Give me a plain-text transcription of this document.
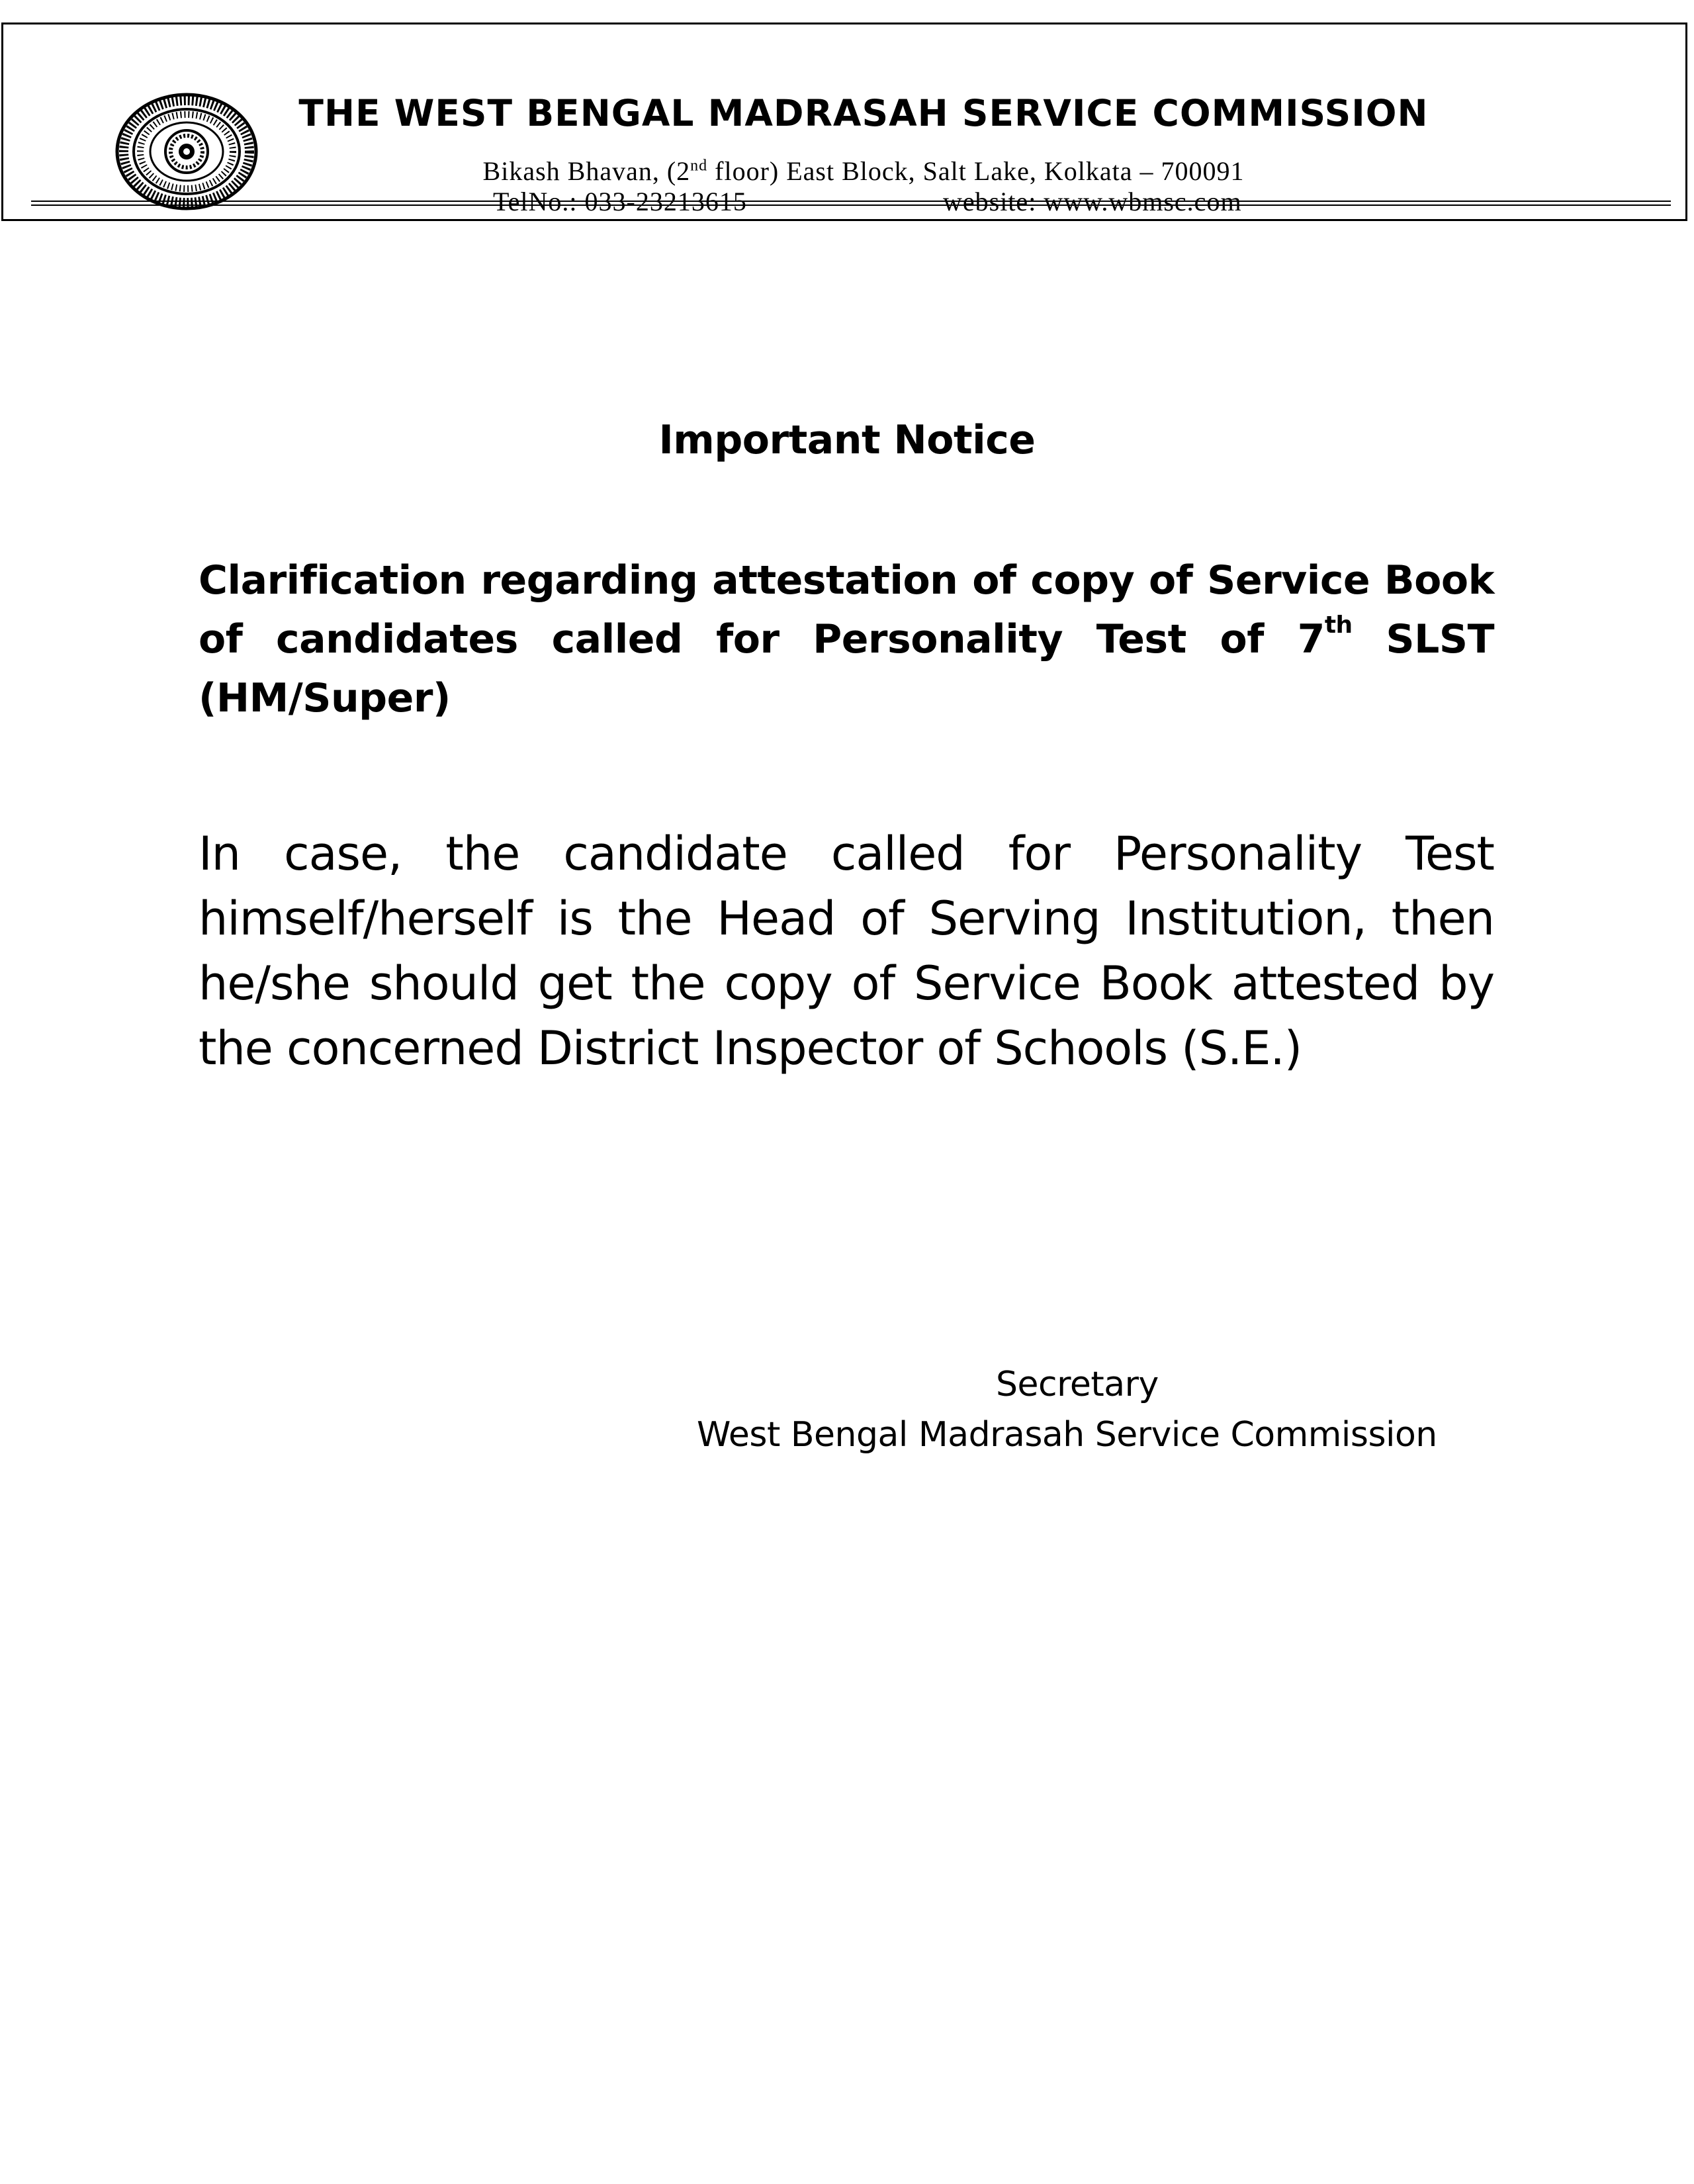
THE WEST BENGAL MADRASAH SERVICE COMMISSION
Bikash Bhavan, (2nd floor) East Block, Salt Lake, Kolkata – 700091
TelNo.: 033-23213615	website: www.wbmsc.com
Important Notice
Clarification regarding attestation of copy of Service Book of candidates called for Personality Test of 7th SLST (HM/Super)
In case, the candidate called for Personality Test himself/herself is the Head of Serving Institution, then he/she should get the copy of Service Book attested by the concerned District Inspector of Schools (S.E.)
Secretary
West Bengal Madrasah Service Commission
